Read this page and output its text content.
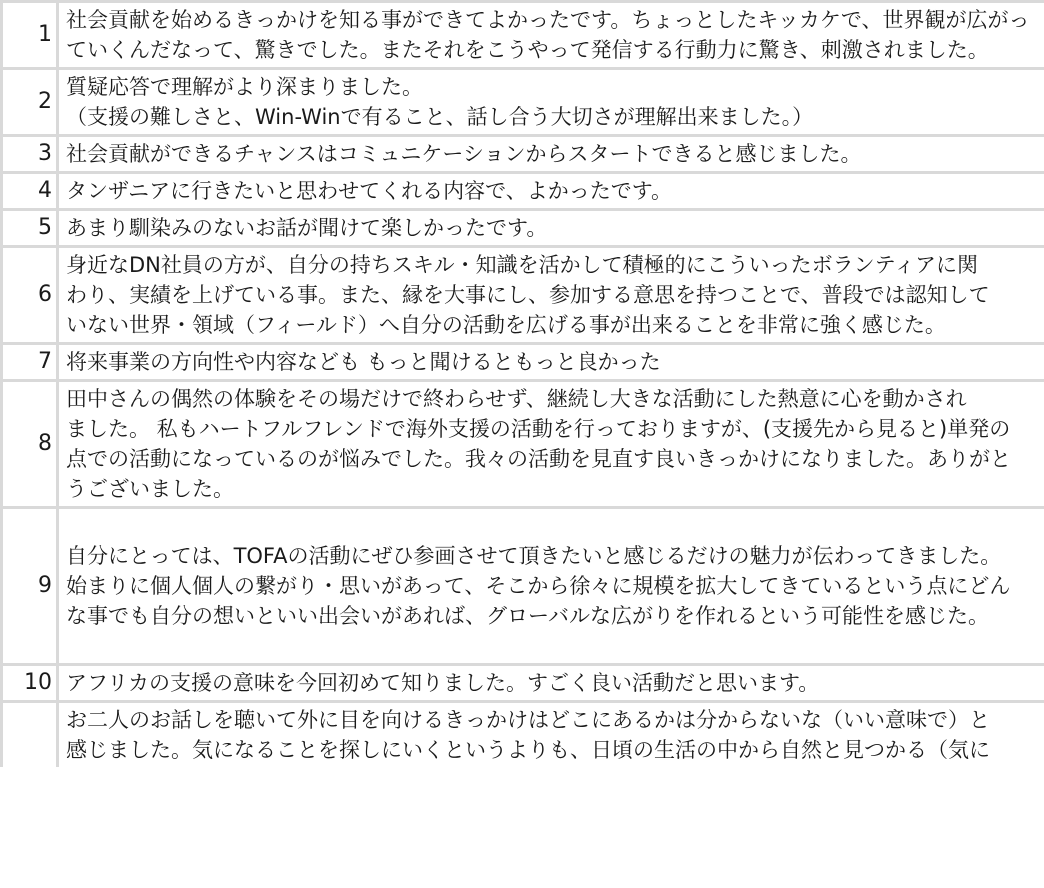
1	社会貢献を始めるきっかけを知る事ができてよかったです。ちょっとしたキッカケで、世界観が広がっ
ていくんだなって、驚きでした。またそれをこうやって発信する行動力に驚き、刺激されました。

2	質疑応答で理解がより深まりました。
（支援の難しさと、Win-Winで有ること、話し合う大切さが理解出来ました。）

3	社会貢献ができるチャンスはコミュニケーションからスタートできると感じました。

4	タンザニアに行きたいと思わせてくれる内容で、よかったです。

5	あまり馴染みのないお話が聞けて楽しかったです。

6	身近なDN社員の方が、自分の持ちスキル・知識を活かして積極的にこういったボランティアに関
わり、実績を上げている事。また、縁を大事にし、参加する意思を持つことで、普段では認知して
いない世界・領域（フィールド）へ自分の活動を広げる事が出来ることを非常に強く感じた。

7	将来事業の方向性や内容なども もっと聞けるともっと良かった

8	田中さんの偶然の体験をその場だけで終わらせず、継続し大きな活動にした熱意に心を動かされ
ました。 私もハートフルフレンドで海外支援の活動を行っておりますが、(支援先から見ると)単発の
点での活動になっているのが悩みでした。我々の活動を見直す良いきっかけになりました。ありがと
うございました。

9	自分にとっては、TOFAの活動にぜひ参画させて頂きたいと感じるだけの魅力が伝わってきました。
始まりに個人個人の繋がり・思いがあって、そこから徐々に規模を拡大してきているという点にどん
な事でも自分の想いといい出会いがあれば、グローバルな広がりを作れるという可能性を感じた。

10	アフリカの支援の意味を今回初めて知りました。すごく良い活動だと思います。

	お二人のお話しを聴いて外に目を向けるきっかけはどこにあるかは分からないな（いい意味で）と
感じました。気になることを探しにいくというよりも、日頃の生活の中から自然と見つかる（気に
